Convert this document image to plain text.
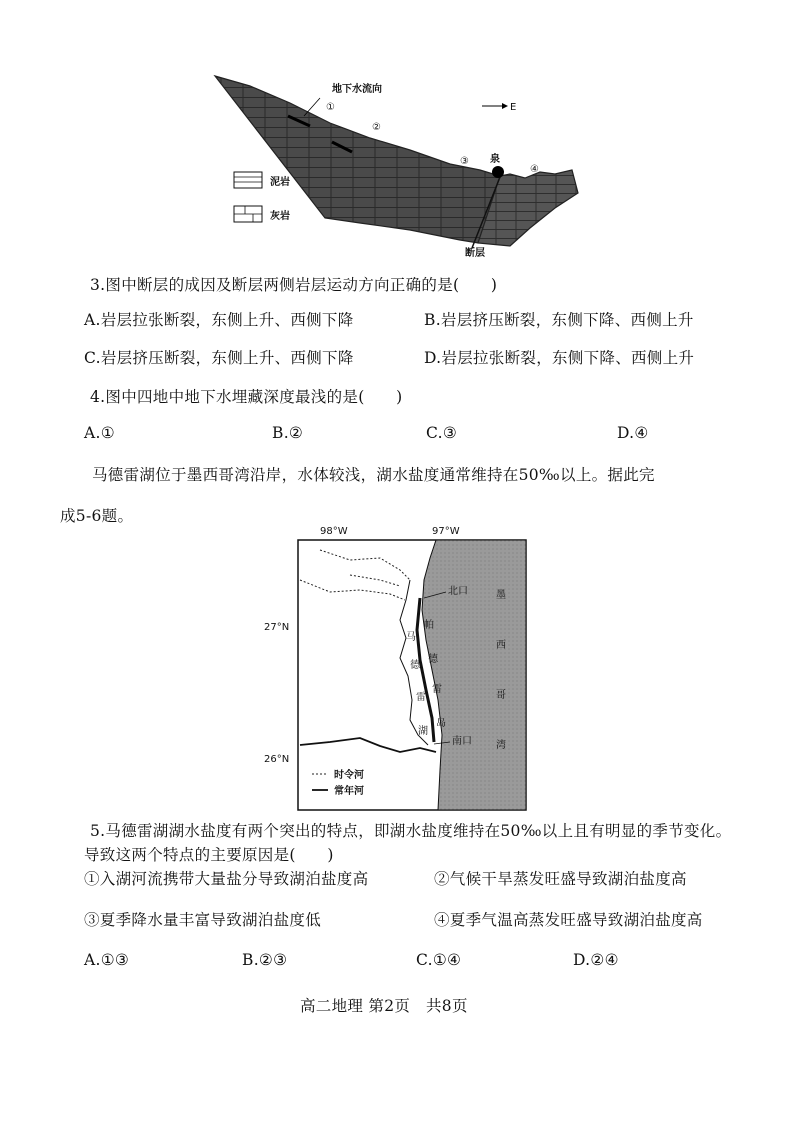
地下水流向
①
②
③
④
泉
E
断层
泥岩
灰岩
3.图中断层的成因及断层两侧岩层运动方向正确的是(　　)
A.岩层拉张断裂，东侧上升、西侧下降	B.岩层挤压断裂，东侧下降、西侧上升
C.岩层挤压断裂，东侧上升、西侧下降	D.岩层拉张断裂，东侧下降、西侧上升
4.图中四地中地下水埋藏深度最浅的是(　　)
A.①	B.②	C.③	D.④
马德雷湖位于墨西哥湾沿岸，水体较浅，湖水盐度通常维持在50‰以上。据此完
成5-6题。
98°W	97°W
27°N
26°N
北口
南口
墨
西
哥
湾
马
德
雷
湖
帕
德
雷
岛
时令河
常年河
5.马德雷湖湖水盐度有两个突出的特点，即湖水盐度维持在50‰以上且有明显的季节变化。
导致这两个特点的主要原因是(　　)
①入湖河流携带大量盐分导致湖泊盐度高	②气候干旱蒸发旺盛导致湖泊盐度高
③夏季降水量丰富导致湖泊盐度低	④夏季气温高蒸发旺盛导致湖泊盐度高
A.①③	B.②③	C.①④	D.②④
高二地理 第2页　共8页
